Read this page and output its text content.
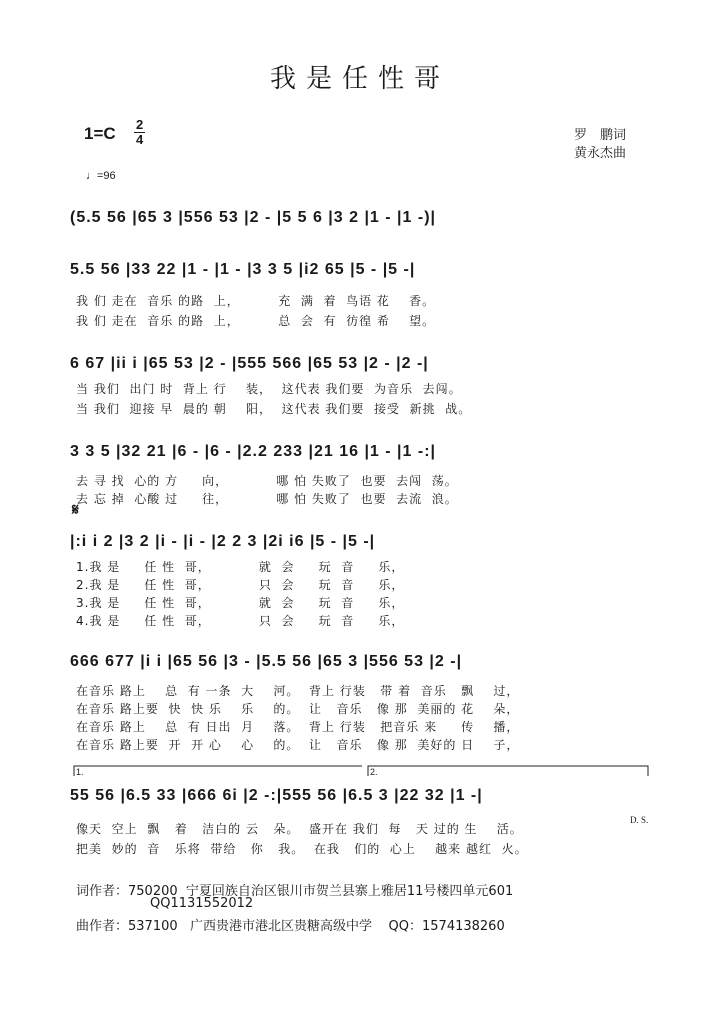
我是任性哥
1=C 2
4	罗　鹏词
黄永杰曲
♩=96
(5.5 56 |65 3 |556 53 |2 - |5 5 6 |3 2 |1 - |1 -)|
5.5 56 |33 22 |1 - |1 - |3 3 5 |i2 65 |5 - |5 -|
我 们 走在  音乐 的路  上，        充  满  着  鸟语 花    香。
我 们 走在  音乐 的路  上，        总  会  有  彷徨 希    望。
6 67 |ii i |65 53 |2 - |555 566 |65 53 |2 - |2 -|
当 我们  出门 时  背上 行    装，  这代表 我们要  为音乐  去闯。
当 我们  迎接 早  晨的 朝    阳，  这代表 我们要  接受  新挑  战。
3 3 5 |32 21 |6 - |6 - |2.2 233 |21 16 |1 - |1 -:|
去 寻 找  心的 方     向，          哪 怕 失败了  也要  去闯  荡。
去 忘 掉  心酸 过     往，          哪 怕 失败了  也要  去流  浪。
𝄋
|:i i 2 |3 2 |i - |i - |2 2 3 |2i i6 |5 - |5 -|
1.我 是     任 性  哥，          就  会     玩  音     乐，
2.我 是     任 性  哥，          只  会     玩  音     乐，
3.我 是     任 性  哥，          就  会     玩  音     乐，
4.我 是     任 性  哥，          只  会     玩  音     乐，
666 677 |i i |65 56 |3 - |5.5 56 |65 3 |556 53 |2 -|
在音乐 路上    总  有 一条  大    河。  背上 行装   带 着  音乐   飘    过，
在音乐 路上要  快  快 乐    乐    的。  让   音乐   像 那  美丽的 花    朵，
在音乐 路上    总  有 日出  月    落。  背上 行装   把音乐 来     传    播，
在音乐 路上要  开  开 心    心    的。  让   音乐   像 那  美好的 日    子，
1.	2.
55 56 |6.5 33 |666 6i |2 -:|555 56 |6.5 3 |22 32 |1 -|
D. S.
像天  空上  飘   着   洁白的 云   朵。  盛开在 我们  每   天 过的 生    活。
把美  妙的  音   乐将  带给   你   我。  在我   们的  心上    越来 越红  火。
词作者：750200  宁夏回族自治区银川市贺兰县寨上雅居11号楼四单元601
QQ1131552012
曲作者：537100   广西贵港市港北区贵糖高级中学    QQ：1574138260
